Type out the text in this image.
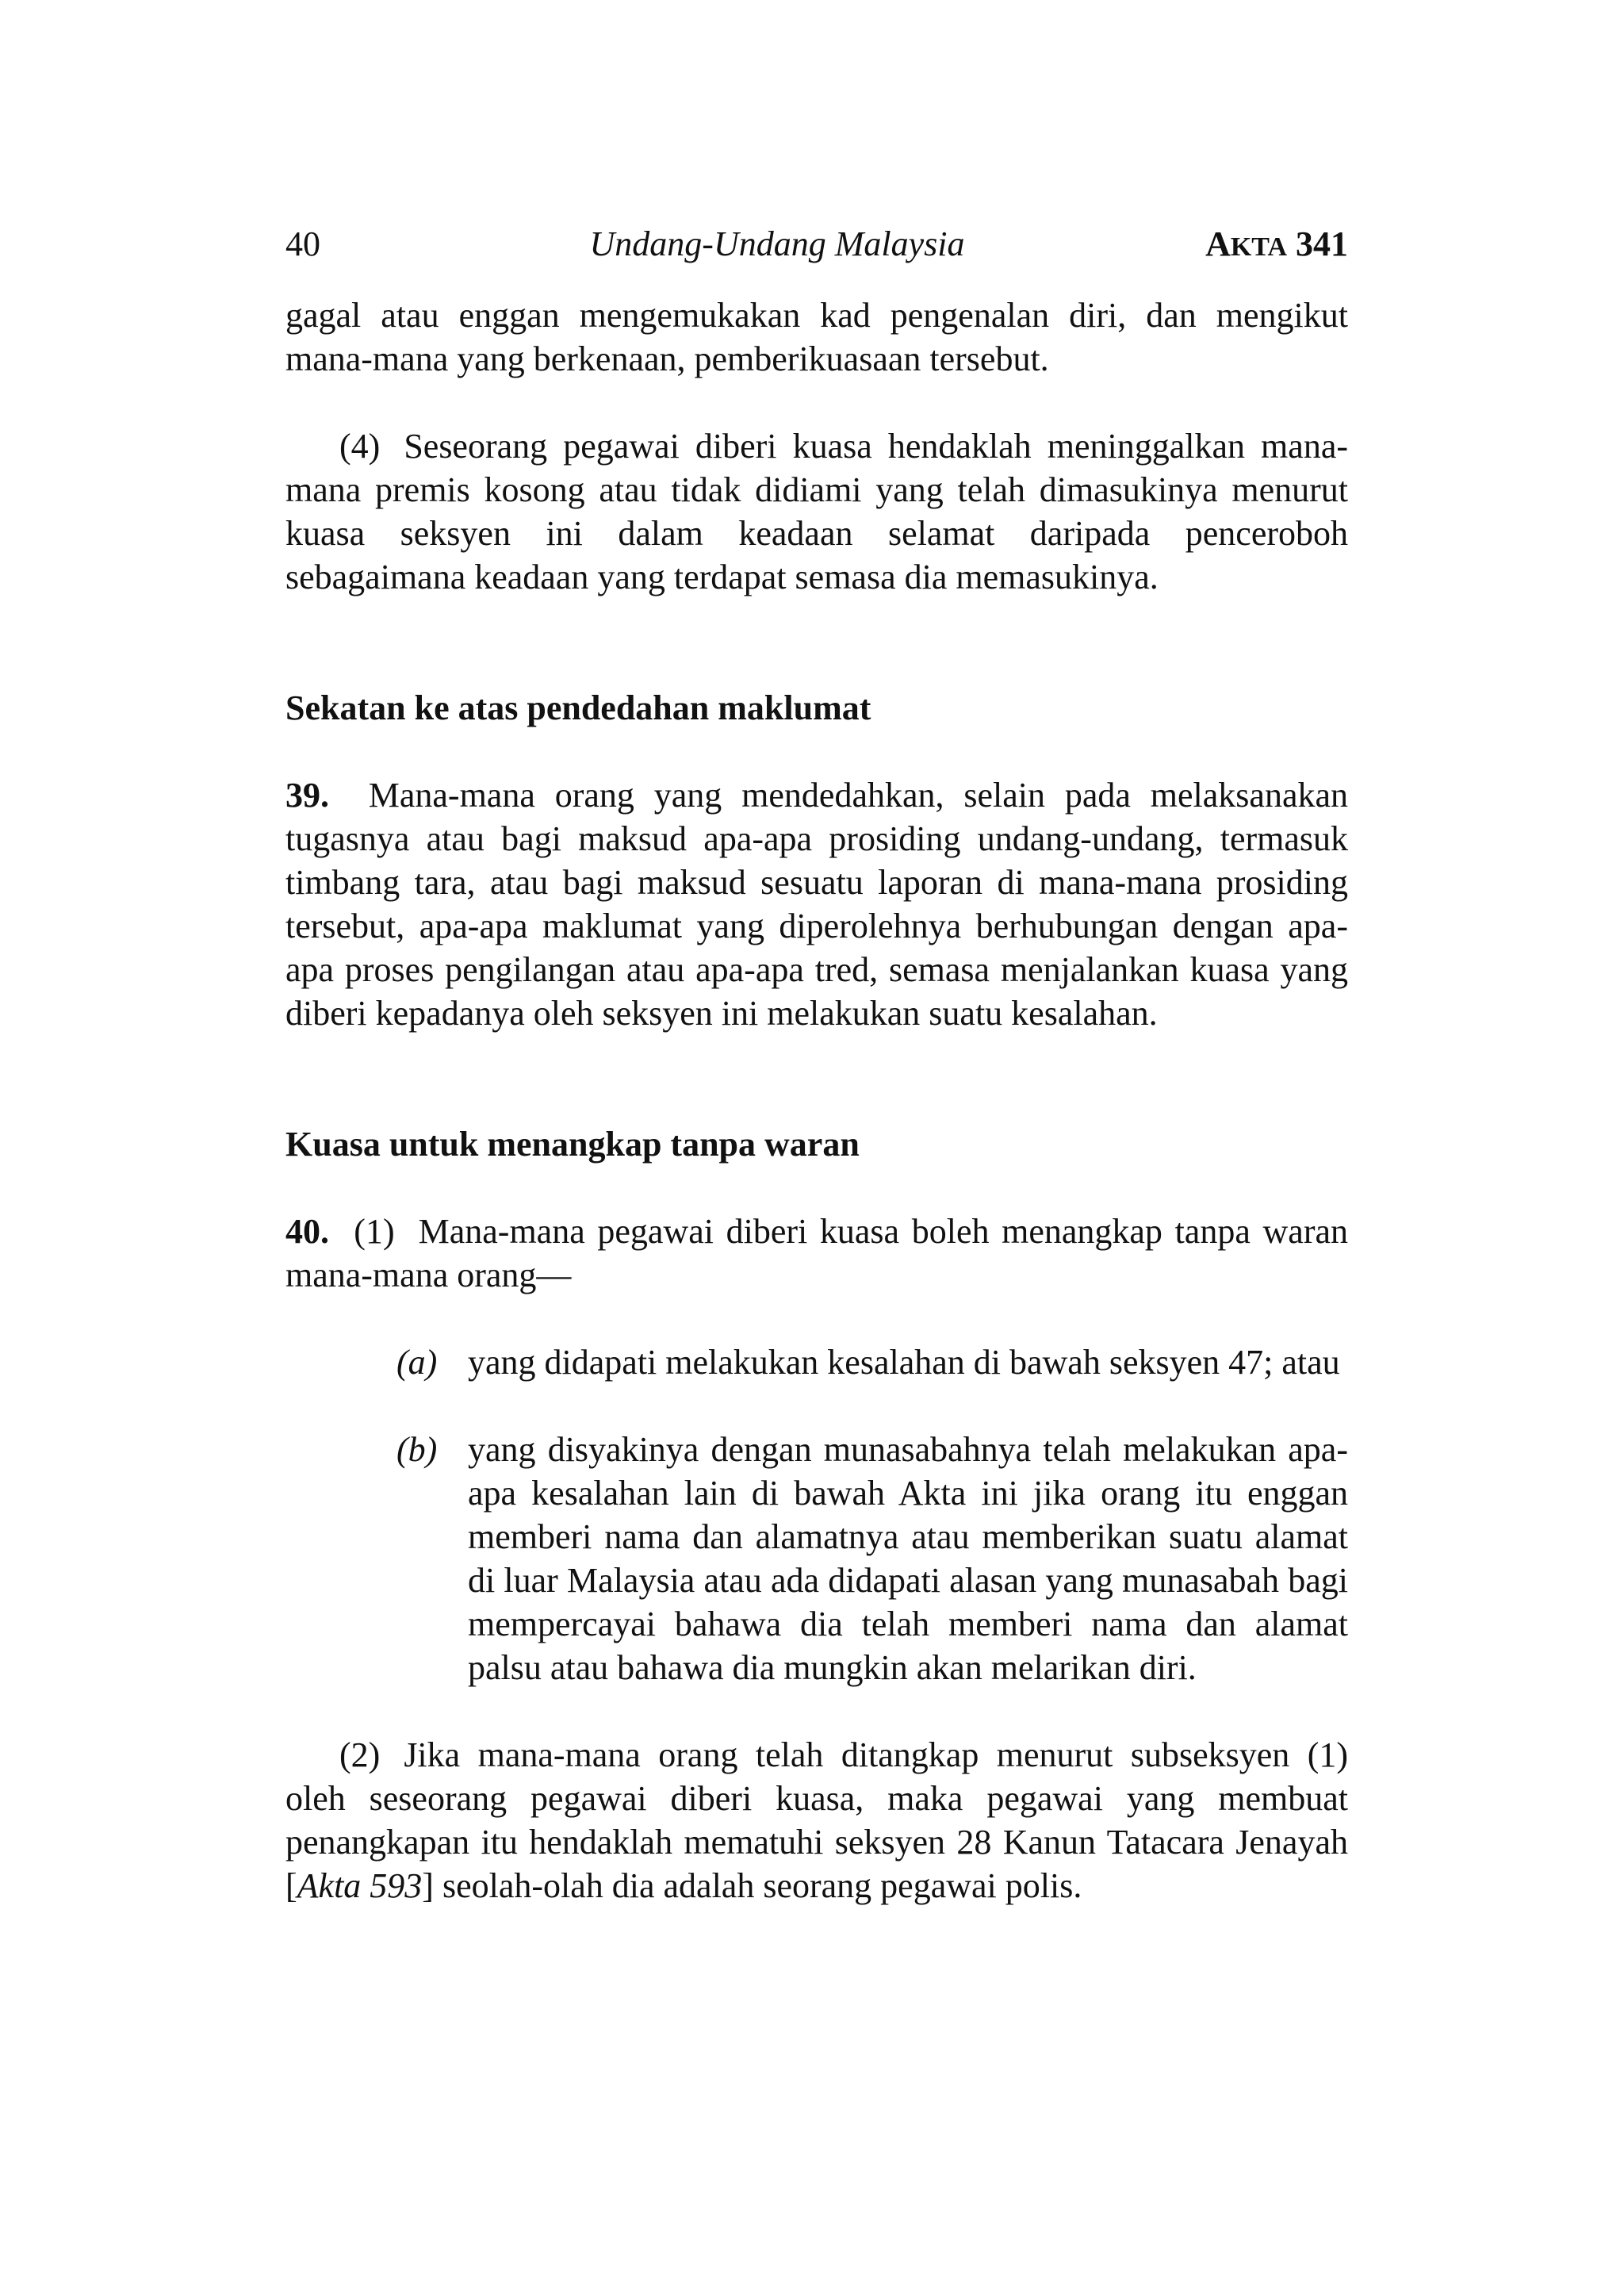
40	Undang-Undang Malaysia	AKTA 341

gagal atau enggan mengemukakan kad pengenalan diri, dan mengikut mana-mana yang berkenaan, pemberikuasaan tersebut.

(4) Seseorang pegawai diberi kuasa hendaklah meninggalkan mana-mana premis kosong atau tidak didiami yang telah dimasukinya menurut kuasa seksyen ini dalam keadaan selamat daripada penceroboh sebagaimana keadaan yang terdapat semasa dia memasukinya.

Sekatan ke atas pendedahan maklumat

39. Mana-mana orang yang mendedahkan, selain pada melaksanakan tugasnya atau bagi maksud apa-apa prosiding undang-undang, termasuk timbang tara, atau bagi maksud sesuatu laporan di mana-mana prosiding tersebut, apa-apa maklumat yang diperolehnya berhubungan dengan apa-apa proses pengilangan atau apa-apa tred, semasa menjalankan kuasa yang diberi kepadanya oleh seksyen ini melakukan suatu kesalahan.

Kuasa untuk menangkap tanpa waran

40. (1) Mana-mana pegawai diberi kuasa boleh menangkap tanpa waran mana-mana orang—

(a) yang didapati melakukan kesalahan di bawah seksyen 47; atau
(b) yang disyakinya dengan munasabahnya telah melakukan apa-apa kesalahan lain di bawah Akta ini jika orang itu enggan memberi nama dan alamatnya atau memberikan suatu alamat di luar Malaysia atau ada didapati alasan yang munasabah bagi mempercayai bahawa dia telah memberi nama dan alamat palsu atau bahawa dia mungkin akan melarikan diri.

(2) Jika mana-mana orang telah ditangkap menurut subseksyen (1) oleh seseorang pegawai diberi kuasa, maka pegawai yang membuat penangkapan itu hendaklah mematuhi seksyen 28 Kanun Tatacara Jenayah [Akta 593] seolah-olah dia adalah seorang pegawai polis.
